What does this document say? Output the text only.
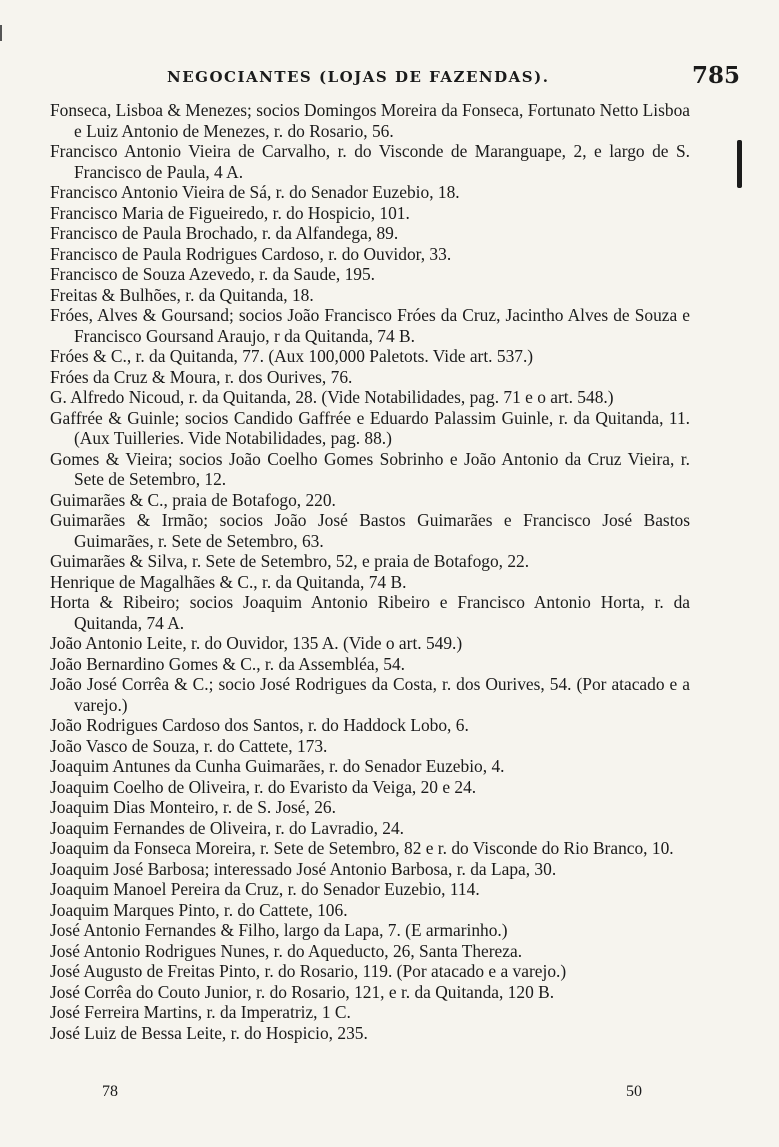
NEGOCIANTES (LOJAS DE FAZENDAS).	785
Fonseca, Lisboa & Menezes; socios Domingos Moreira da Fonseca, Fortunato Netto Lisboa e Luiz Antonio de Menezes, r. do Rosario, 56.
Francisco Antonio Vieira de Carvalho, r. do Visconde de Maranguape, 2, e largo de S. Francisco de Paula, 4 A.
Francisco Antonio Vieira de Sá, r. do Senador Euzebio, 18.
Francisco Maria de Figueiredo, r. do Hospicio, 101.
Francisco de Paula Brochado, r. da Alfandega, 89.
Francisco de Paula Rodrigues Cardoso, r. do Ouvidor, 33.
Francisco de Souza Azevedo, r. da Saude, 195.
Freitas & Bulhões, r. da Quitanda, 18.
Fróes, Alves & Goursand; socios João Francisco Fróes da Cruz, Jacintho Alves de Souza e Francisco Goursand Araujo, r da Quitanda, 74 B.
Fróes & C., r. da Quitanda, 77. (Aux 100,000 Paletots. Vide art. 537.)
Fróes da Cruz & Moura, r. dos Ourives, 76.
G. Alfredo Nicoud, r. da Quitanda, 28. (Vide Notabilidades, pag. 71 e o art. 548.)
Gaffrée & Guinle; socios Candido Gaffrée e Eduardo Palassim Guinle, r. da Quitanda, 11. (Aux Tuilleries. Vide Notabilidades, pag. 88.)
Gomes & Vieira; socios João Coelho Gomes Sobrinho e João Antonio da Cruz Vieira, r. Sete de Setembro, 12.
Guimarães & C., praia de Botafogo, 220.
Guimarães & Irmão; socios João José Bastos Guimarães e Francisco José Bastos Guimarães, r. Sete de Setembro, 63.
Guimarães & Silva, r. Sete de Setembro, 52, e praia de Botafogo, 22.
Henrique de Magalhães & C., r. da Quitanda, 74 B.
Horta & Ribeiro; socios Joaquim Antonio Ribeiro e Francisco Antonio Horta, r. da Quitanda, 74 A.
João Antonio Leite, r. do Ouvidor, 135 A. (Vide o art. 549.)
João Bernardino Gomes & C., r. da Assembléa, 54.
João José Corrêa & C.; socio José Rodrigues da Costa, r. dos Ourives, 54. (Por atacado e a varejo.)
João Rodrigues Cardoso dos Santos, r. do Haddock Lobo, 6.
João Vasco de Souza, r. do Cattete, 173.
Joaquim Antunes da Cunha Guimarães, r. do Senador Euzebio, 4.
Joaquim Coelho de Oliveira, r. do Evaristo da Veiga, 20 e 24.
Joaquim Dias Monteiro, r. de S. José, 26.
Joaquim Fernandes de Oliveira, r. do Lavradio, 24.
Joaquim da Fonseca Moreira, r. Sete de Setembro, 82 e r. do Visconde do Rio Branco, 10.
Joaquim José Barbosa; interessado José Antonio Barbosa, r. da Lapa, 30.
Joaquim Manoel Pereira da Cruz, r. do Senador Euzebio, 114.
Joaquim Marques Pinto, r. do Cattete, 106.
José Antonio Fernandes & Filho, largo da Lapa, 7. (E armarinho.)
José Antonio Rodrigues Nunes, r. do Aqueducto, 26, Santa Thereza.
José Augusto de Freitas Pinto, r. do Rosario, 119. (Por atacado e a varejo.)
José Corrêa do Couto Junior, r. do Rosario, 121, e r. da Quitanda, 120 B.
José Ferreira Martins, r. da Imperatriz, 1 C.
José Luiz de Bessa Leite, r. do Hospicio, 235.
78	50
